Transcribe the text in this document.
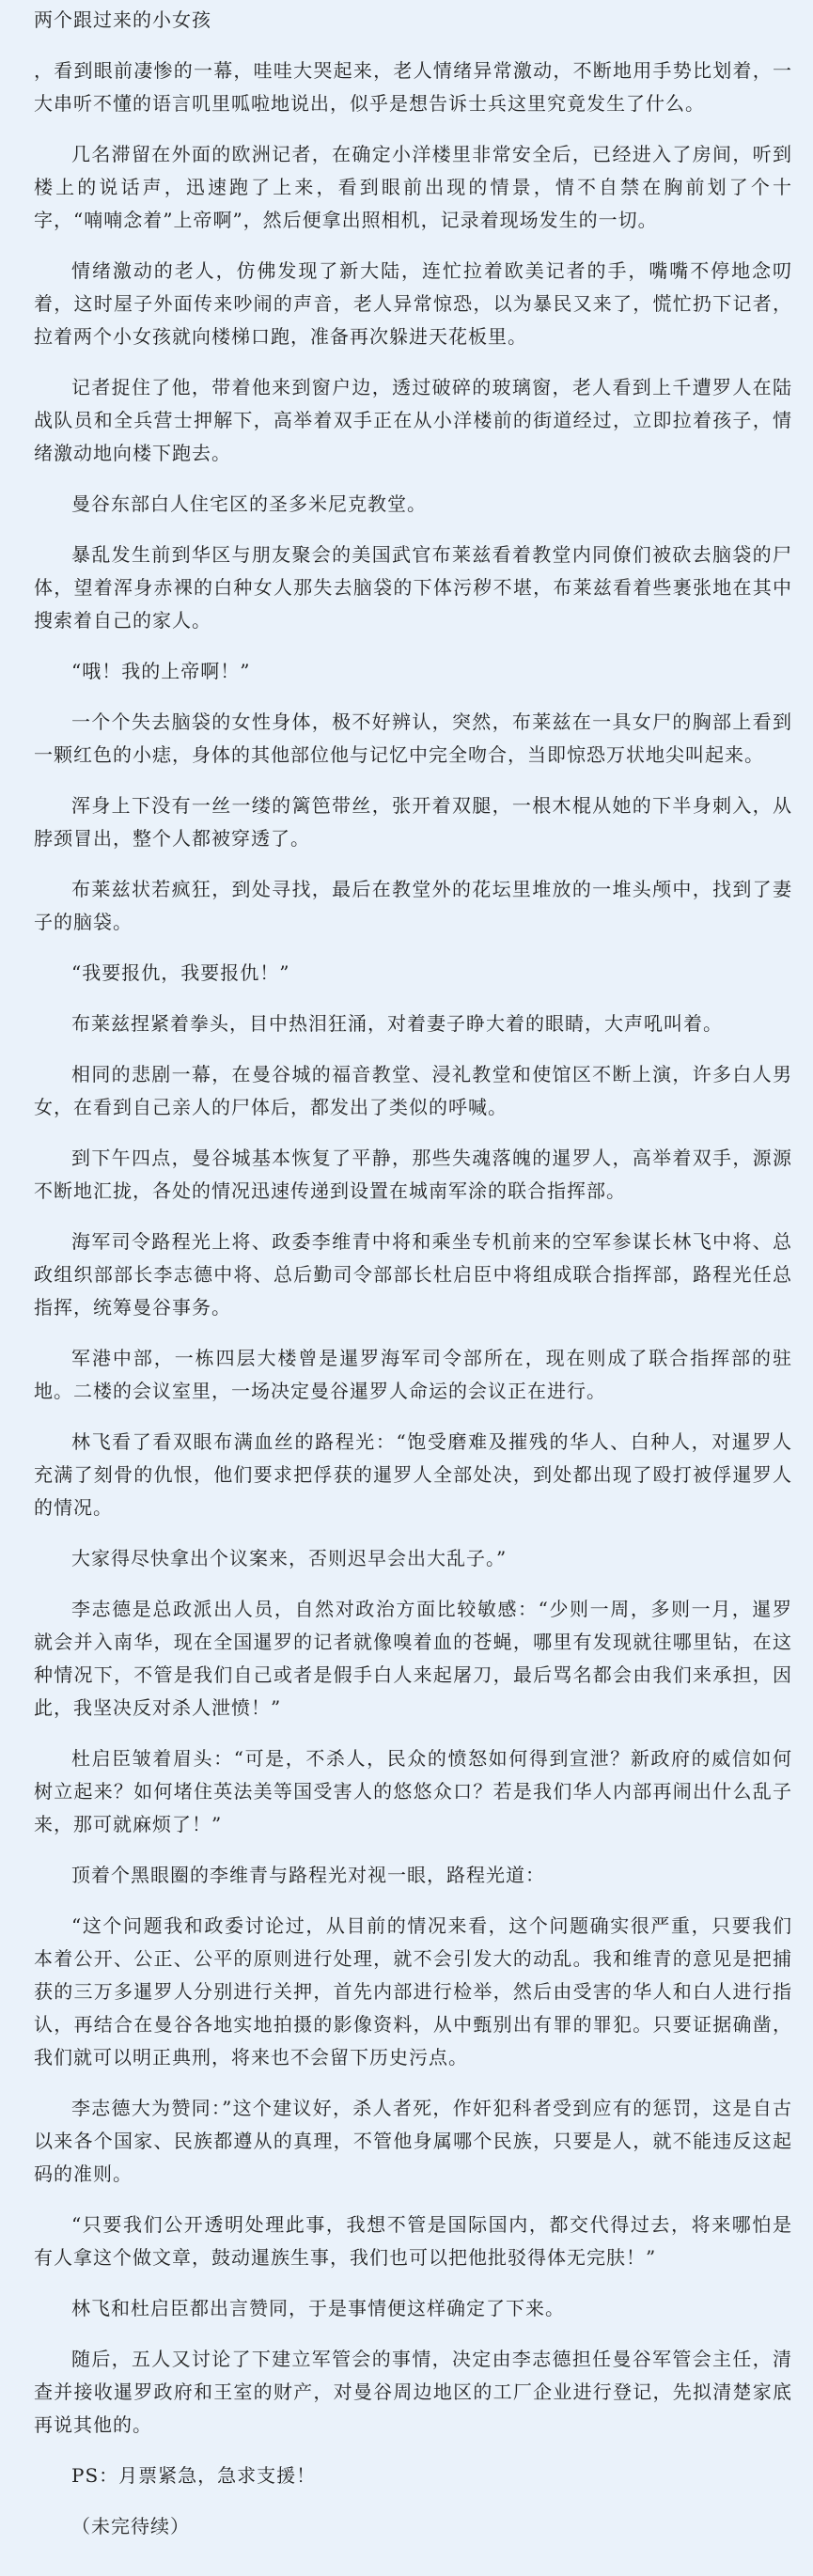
两个跟过来的小女孩

，看到眼前凄惨的一幕，哇哇大哭起来，老人情绪异常激动，不断地用手势比划着，一大串听不懂的语言叽里呱啦地说出，似乎是想告诉士兵这里究竟发生了什么。

几名滞留在外面的欧洲记者，在确定小洋楼里非常安全后，已经进入了房间，听到楼上的说话声，迅速跑了上来，看到眼前出现的情景，情不自禁在胸前划了个十字，“喃喃念着”上帝啊”，然后便拿出照相机，记录着现场发生的一切。

情绪激动的老人，仿佛发现了新大陆，连忙拉着欧美记者的手，嘴嘴不停地念叨着，这时屋子外面传来吵闹的声音，老人异常惊恐，以为暴民又来了，慌忙扔下记者，拉着两个小女孩就向楼梯口跑，准备再次躲进天花板里。

记者捉住了他，带着他来到窗户边，透过破碎的玻璃窗，老人看到上千遭罗人在陆战队员和全兵营士押解下，高举着双手正在从小洋楼前的街道经过，立即拉着孩子，情绪激动地向楼下跑去。

曼谷东部白人住宅区的圣多米尼克教堂。

暴乱发生前到华区与朋友聚会的美国武官布莱兹看着教堂内同僚们被砍去脑袋的尸体，望着浑身赤裸的白种女人那失去脑袋的下体污秽不堪，布莱兹看着些裹张地在其中搜索着自己的家人。

“哦！我的上帝啊！”

一个个失去脑袋的女性身体，极不好辨认，突然，布莱兹在一具女尸的胸部上看到一颗红色的小痣，身体的其他部位他与记忆中完全吻合，当即惊恐万状地尖叫起来。

浑身上下没有一丝一缕的篱笆带丝，张开着双腿，一根木棍从她的下半身刺入，从脖颈冒出，整个人都被穿透了。

布莱兹状若疯狂，到处寻找，最后在教堂外的花坛里堆放的一堆头颅中，找到了妻子的脑袋。

“我要报仇，我要报仇！”

布莱兹捏紧着拳头，目中热泪狂涌，对着妻子睁大着的眼睛，大声吼叫着。

相同的悲剧一幕，在曼谷城的福音教堂、浸礼教堂和使馆区不断上演，许多白人男女，在看到自己亲人的尸体后，都发出了类似的呼喊。

到下午四点，曼谷城基本恢复了平静，那些失魂落魄的暹罗人，高举着双手，源源不断地汇拢，各处的情况迅速传递到设置在城南军涂的联合指挥部。

海军司令路程光上将、政委李维青中将和乘坐专机前来的空军参谋长林飞中将、总政组织部部长李志德中将、总后勤司令部部长杜启臣中将组成联合指挥部，路程光任总指挥，统筹曼谷事务。

军港中部，一栋四层大楼曾是暹罗海军司令部所在，现在则成了联合指挥部的驻地。二楼的会议室里，一场决定曼谷暹罗人命运的会议正在进行。

林飞看了看双眼布满血丝的路程光：“饱受磨难及摧残的华人、白种人，对暹罗人充满了刻骨的仇恨，他们要求把俘获的暹罗人全部处决，到处都出现了殴打被俘暹罗人的情况。

大家得尽快拿出个议案来，否则迟早会出大乱子。”

李志德是总政派出人员，自然对政治方面比较敏感：“少则一周，多则一月，暹罗就会并入南华，现在全国暹罗的记者就像嗅着血的苍蝇，哪里有发现就往哪里钻，在这种情况下，不管是我们自己或者是假手白人来起屠刀，最后骂名都会由我们来承担，因此，我坚决反对杀人泄愤！”

杜启臣皱着眉头：“可是，不杀人，民众的愤怒如何得到宣泄？新政府的威信如何树立起来？如何堵住英法美等国受害人的悠悠众口？若是我们华人内部再闹出什么乱子来，那可就麻烦了！”

顶着个黑眼圈的李维青与路程光对视一眼，路程光道：

“这个问题我和政委讨论过，从目前的情况来看，这个问题确实很严重，只要我们本着公开、公正、公平的原则进行处理，就不会引发大的动乱。我和维青的意见是把捕获的三万多暹罗人分别进行关押，首先内部进行检举，然后由受害的华人和白人进行指认，再结合在曼谷各地实地拍摄的影像资料，从中甄别出有罪的罪犯。只要证据确凿，我们就可以明正典刑，将来也不会留下历史污点。

李志德大为赞同：”这个建议好，杀人者死，作奸犯科者受到应有的惩罚，这是自古以来各个国家、民族都遵从的真理，不管他身属哪个民族，只要是人，就不能违反这起码的准则。

“只要我们公开透明处理此事，我想不管是国际国内，都交代得过去，将来哪怕是有人拿这个做文章，鼓动暹族生事，我们也可以把他批驳得体无完肤！”

林飞和杜启臣都出言赞同，于是事情便这样确定了下来。

随后，五人又讨论了下建立军管会的事情，决定由李志德担任曼谷军管会主任，清查并接收暹罗政府和王室的财产，对曼谷周边地区的工厂企业进行登记，先拟清楚家底再说其他的。

PS：月票紧急，急求支援！

（未完待续）
